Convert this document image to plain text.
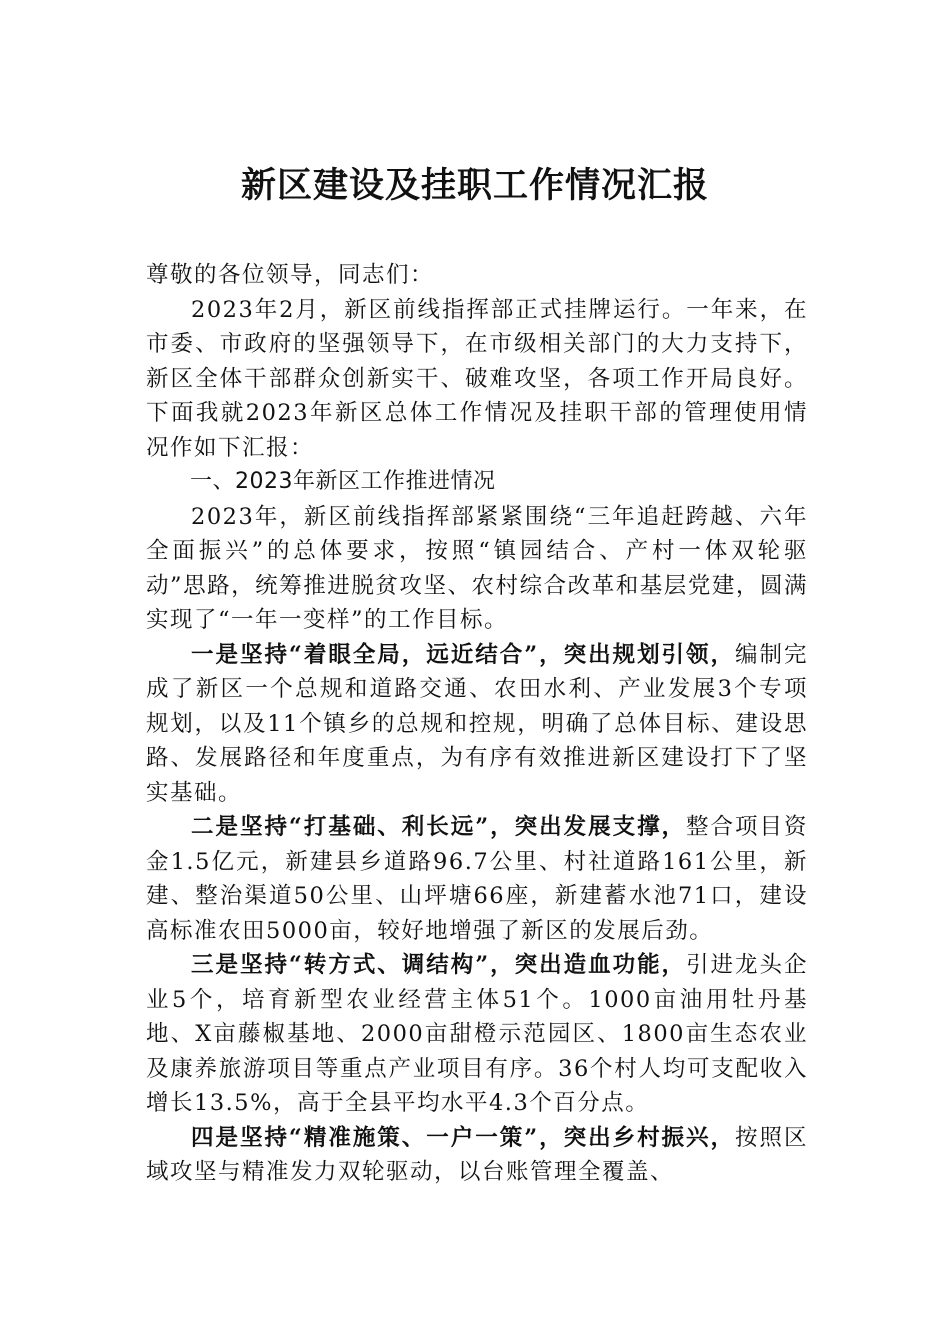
新区建设及挂职工作情况汇报

尊敬的各位领导，同志们：

2023年2月，新区前线指挥部正式挂牌运行。一年来，在市委、市政府的坚强领导下，在市级相关部门的大力支持下，新区全体干部群众创新实干、破难攻坚，各项工作开局良好。下面我就2023年新区总体工作情况及挂职干部的管理使用情况作如下汇报：

一、2023年新区工作推进情况

2023年，新区前线指挥部紧紧围绕“三年追赶跨越、六年全面振兴”的总体要求，按照“镇园结合、产村一体双轮驱动”思路，统筹推进脱贫攻坚、农村综合改革和基层党建，圆满实现了“一年一变样”的工作目标。

一是坚持“着眼全局，远近结合”，突出规划引领，编制完成了新区一个总规和道路交通、农田水利、产业发展3个专项规划，以及11个镇乡的总规和控规，明确了总体目标、建设思路、发展路径和年度重点，为有序有效推进新区建设打下了坚实基础。

二是坚持“打基础、利长远”，突出发展支撑，整合项目资金1.5亿元，新建县乡道路96.7公里、村社道路161公里，新建、整治渠道50公里、山坪塘66座，新建蓄水池71口，建设高标准农田5000亩，较好地增强了新区的发展后劲。

三是坚持“转方式、调结构”，突出造血功能，引进龙头企业5个，培育新型农业经营主体51个。1000亩油用牡丹基地、X亩藤椒基地、2000亩甜橙示范园区、1800亩生态农业及康养旅游项目等重点产业项目有序。36个村人均可支配收入增长13.5%，高于全县平均水平4.3个百分点。

四是坚持“精准施策、一户一策”，突出乡村振兴，按照区域攻坚与精准发力双轮驱动，以台账管理全覆盖、
